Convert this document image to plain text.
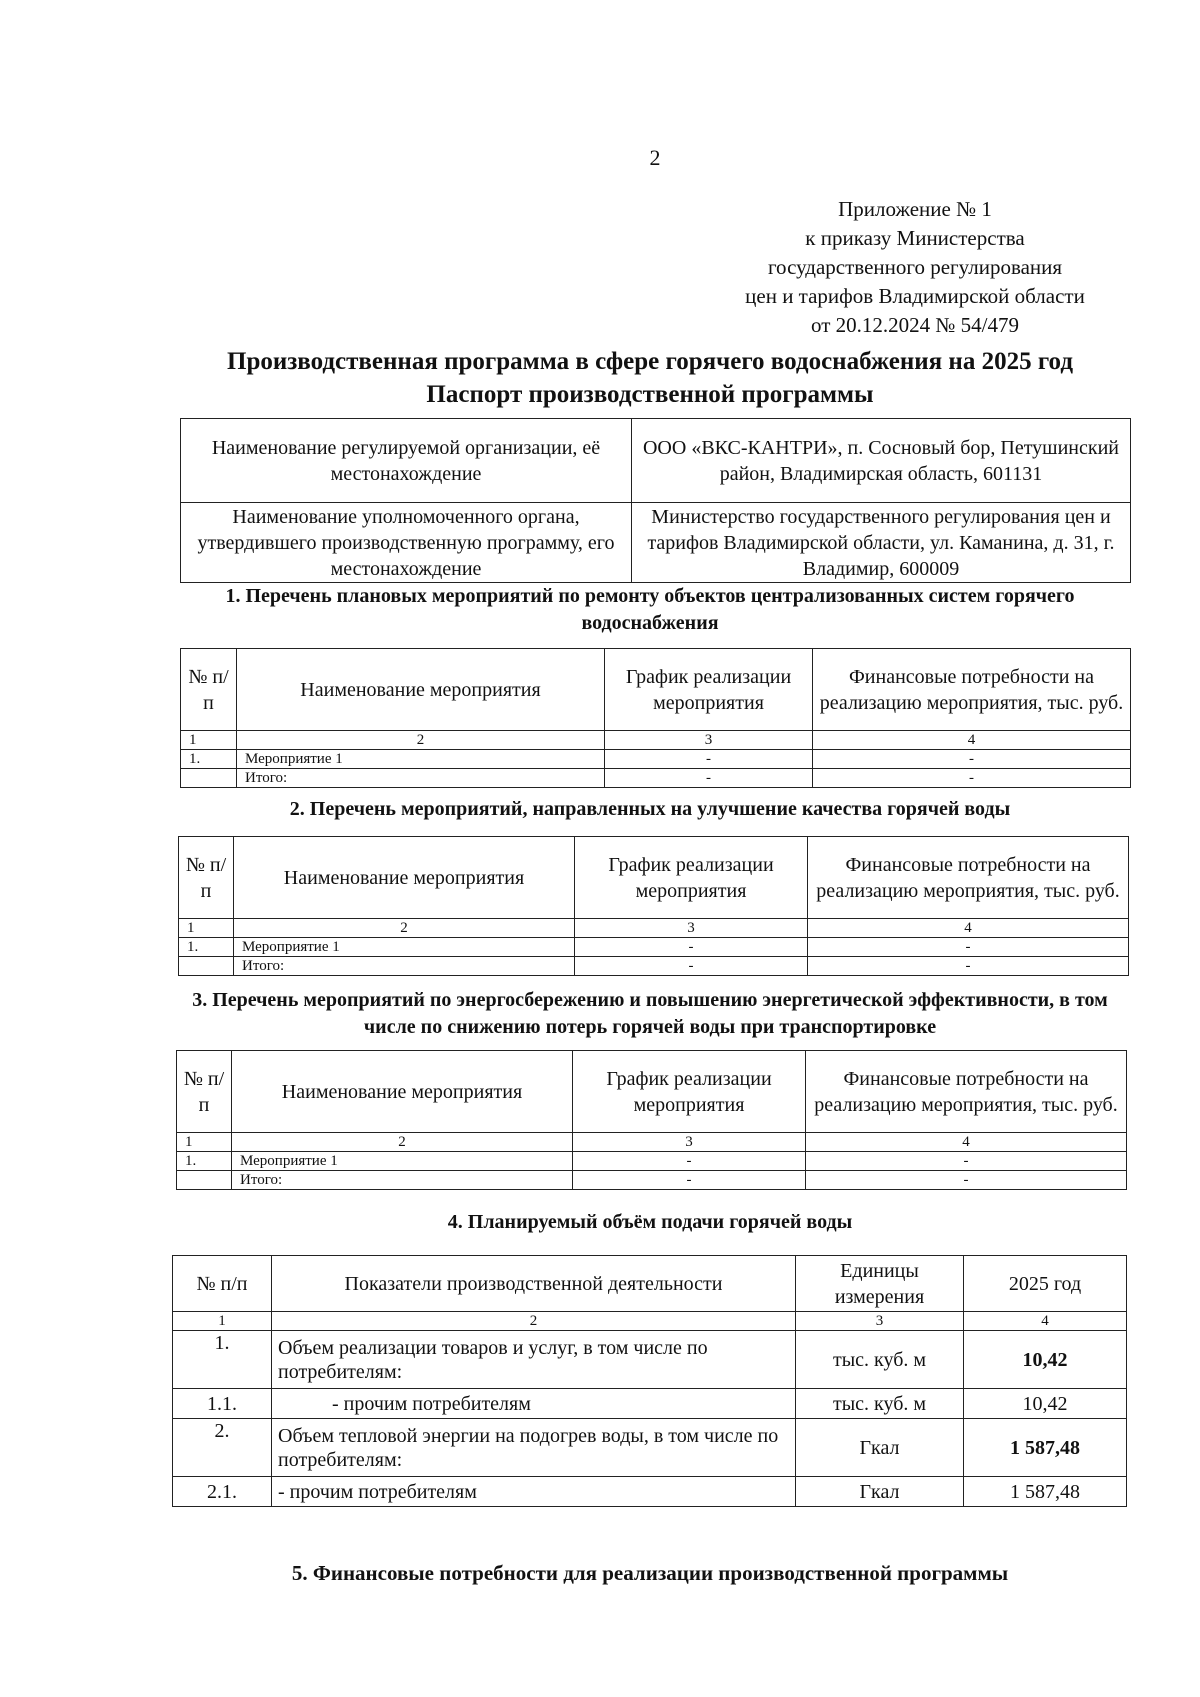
2
Приложение № 1
к приказу Министерства
государственного регулирования
цен и тарифов Владимирской области
от 20.12.2024 № 54/479
Производственная программа в сфере горячего водоснабжения на 2025 год
Паспорт производственной программы
Наименование регулируемой организации, её местонахождение	ООО «ВКС-КАНТРИ», п. Сосновый бор, Петушинский район, Владимирская область, 601131
Наименование уполномоченного органа, утвердившего производственную программу, его местонахождение	Министерство государственного регулирования цен и тарифов Владимирской области, ул. Каманина, д. 31, г. Владимир, 600009
1. Перечень плановых мероприятий по ремонту объектов централизованных систем горячего водоснабжения
№ п/п	Наименование мероприятия	График реализации мероприятия	Финансовые потребности на реализацию мероприятия, тыс. руб.
1	2	3	4
1.	Мероприятие 1	-	-
	Итого:	-	-
2. Перечень мероприятий, направленных на улучшение качества горячей воды
№ п/п	Наименование мероприятия	График реализации мероприятия	Финансовые потребности на реализацию мероприятия, тыс. руб.
1	2	3	4
1.	Мероприятие 1	-	-
	Итого:	-	-
3. Перечень мероприятий по энергосбережению и повышению энергетической эффективности, в том числе по снижению потерь горячей воды при транспортировке
№ п/п	Наименование мероприятия	График реализации мероприятия	Финансовые потребности на реализацию мероприятия, тыс. руб.
1	2	3	4
1.	Мероприятие 1	-	-
	Итого:	-	-
4. Планируемый объём подачи горячей воды
№ п/п	Показатели производственной деятельности	Единицы измерения	2025 год
1	2	3	4
1.	Объем реализации товаров и услуг, в том числе по потребителям:	тыс. куб. м	10,42
1.1.	- прочим потребителям	тыс. куб. м	10,42
2.	Объем тепловой энергии на подогрев воды, в том числе по потребителям:	Гкал	1 587,48
2.1.	- прочим потребителям	Гкал	1 587,48
5. Финансовые потребности для реализации производственной программы
